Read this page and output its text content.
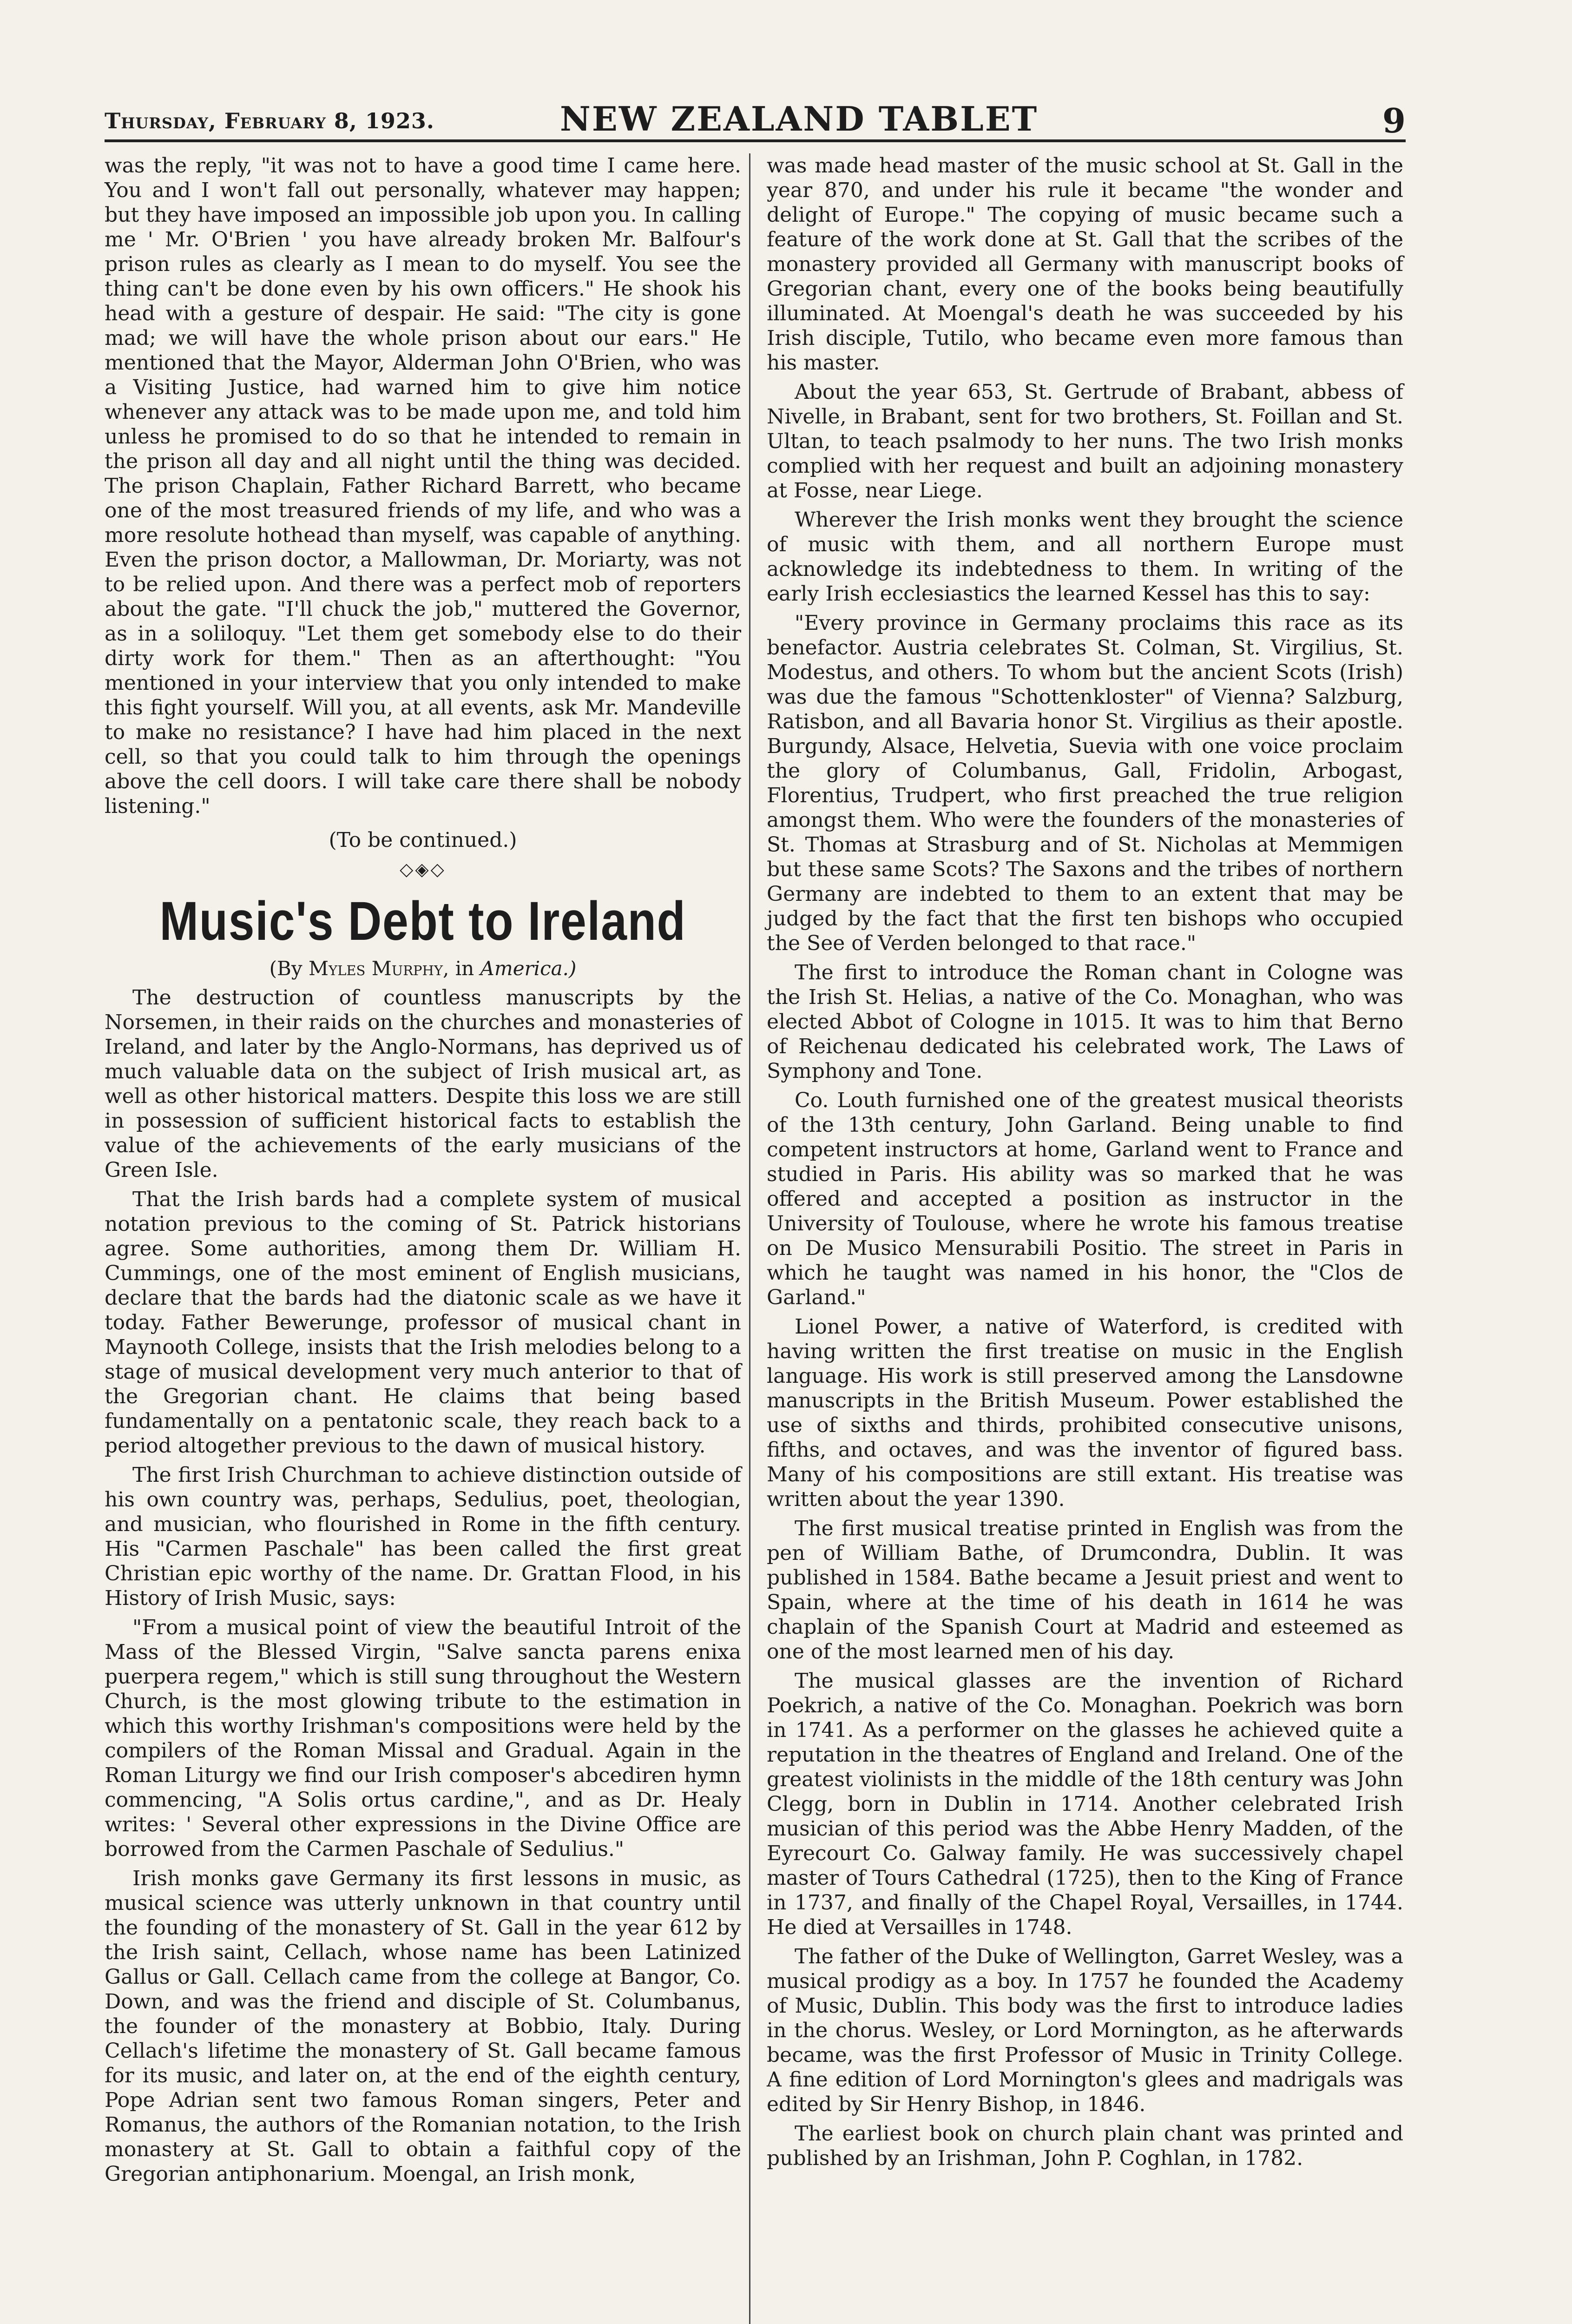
Thursday, February 8, 1923.	NEW ZEALAND TABLET	9

was the reply, "it was not to have a good time I came here. You and I won't fall out personally, whatever may happen; but they have imposed an impossible job upon you. In calling me ' Mr. O'Brien ' you have already broken Mr. Balfour's prison rules as clearly as I mean to do myself. You see the thing can't be done even by his own officers." He shook his head with a gesture of despair. He said: "The city is gone mad; we will have the whole prison about our ears." He mentioned that the Mayor, Alderman John O'Brien, who was a Visiting Justice, had warned him to give him notice whenever any attack was to be made upon me, and told him unless he promised to do so that he intended to remain in the prison all day and all night until the thing was decided. The prison Chaplain, Father Richard Barrett, who became one of the most treasured friends of my life, and who was a more resolute hothead than myself, was capable of anything. Even the prison doctor, a Mallowman, Dr. Moriarty, was not to be relied upon. And there was a perfect mob of reporters about the gate. "I'll chuck the job," muttered the Governor, as in a soliloquy. "Let them get somebody else to do their dirty work for them." Then as an afterthought: "You mentioned in your interview that you only intended to make this fight yourself. Will you, at all events, ask Mr. Mandeville to make no resistance? I have had him placed in the next cell, so that you could talk to him through the openings above the cell doors. I will take care there shall be nobody listening."

(To be continued.)

◇◈◇
Music's Debt to Ireland
(By Myles Murphy, in America.)

The destruction of countless manuscripts by the Norsemen, in their raids on the churches and monasteries of Ireland, and later by the Anglo-Normans, has deprived us of much valuable data on the subject of Irish musical art, as well as other historical matters. Despite this loss we are still in possession of sufficient historical facts to establish the value of the achievements of the early musicians of the Green Isle.

That the Irish bards had a complete system of musical notation previous to the coming of St. Patrick historians agree. Some authorities, among them Dr. William H. Cummings, one of the most eminent of English musicians, declare that the bards had the diatonic scale as we have it today. Father Bewerunge, professor of musical chant in Maynooth College, insists that the Irish melodies belong to a stage of musical development very much anterior to that of the Gregorian chant. He claims that being based fundamentally on a pentatonic scale, they reach back to a period altogether previous to the dawn of musical history.

The first Irish Churchman to achieve distinction outside of his own country was, perhaps, Sedulius, poet, theologian, and musician, who flourished in Rome in the fifth century. His "Carmen Paschale" has been called the first great Christian epic worthy of the name. Dr. Grattan Flood, in his History of Irish Music, says:

"From a musical point of view the beautiful Introit of the Mass of the Blessed Virgin, "Salve sancta parens enixa puerpera regem," which is still sung throughout the Western Church, is the most glowing tribute to the estimation in which this worthy Irishman's compositions were held by the compilers of the Roman Missal and Gradual. Again in the Roman Liturgy we find our Irish composer's abcediren hymn commencing, "A Solis ortus cardine,", and as Dr. Healy writes: ' Several other expressions in the Divine Office are borrowed from the Carmen Paschale of Sedulius."

Irish monks gave Germany its first lessons in music, as musical science was utterly unknown in that country until the founding of the monastery of St. Gall in the year 612 by the Irish saint, Cellach, whose name has been Latinized Gallus or Gall. Cellach came from the college at Bangor, Co. Down, and was the friend and disciple of St. Columbanus, the founder of the monastery at Bobbio, Italy. During Cellach's lifetime the monastery of St. Gall became famous for its music, and later on, at the end of the eighth century, Pope Adrian sent two famous Roman singers, Peter and Romanus, the authors of the Romanian notation, to the Irish monastery at St. Gall to obtain a faithful copy of the Gregorian antiphonarium. Moengal, an Irish monk,

was made head master of the music school at St. Gall in the year 870, and under his rule it became "the wonder and delight of Europe." The copying of music became such a feature of the work done at St. Gall that the scribes of the monastery provided all Germany with manuscript books of Gregorian chant, every one of the books being beautifully illuminated. At Moengal's death he was succeeded by his Irish disciple, Tutilo, who became even more famous than his master.

About the year 653, St. Gertrude of Brabant, abbess of Nivelle, in Brabant, sent for two brothers, St. Foillan and St. Ultan, to teach psalmody to her nuns. The two Irish monks complied with her request and built an adjoining monastery at Fosse, near Liege.

Wherever the Irish monks went they brought the science of music with them, and all northern Europe must acknowledge its indebtedness to them. In writing of the early Irish ecclesiastics the learned Kessel has this to say:

"Every province in Germany proclaims this race as its benefactor. Austria celebrates St. Colman, St. Virgilius, St. Modestus, and others. To whom but the ancient Scots (Irish) was due the famous "Schottenkloster" of Vienna? Salzburg, Ratisbon, and all Bavaria honor St. Virgilius as their apostle. Burgundy, Alsace, Helvetia, Suevia with one voice proclaim the glory of Columbanus, Gall, Fridolin, Arbogast, Florentius, Trudpert, who first preached the true religion amongst them. Who were the founders of the monasteries of St. Thomas at Strasburg and of St. Nicholas at Memmigen but these same Scots? The Saxons and the tribes of northern Germany are indebted to them to an extent that may be judged by the fact that the first ten bishops who occupied the See of Verden belonged to that race."

The first to introduce the Roman chant in Cologne was the Irish St. Helias, a native of the Co. Monaghan, who was elected Abbot of Cologne in 1015. It was to him that Berno of Reichenau dedicated his celebrated work, The Laws of Symphony and Tone.

Co. Louth furnished one of the greatest musical theorists of the 13th century, John Garland. Being unable to find competent instructors at home, Garland went to France and studied in Paris. His ability was so marked that he was offered and accepted a position as instructor in the University of Toulouse, where he wrote his famous treatise on De Musico Mensurabili Positio. The street in Paris in which he taught was named in his honor, the "Clos de Garland."

Lionel Power, a native of Waterford, is credited with having written the first treatise on music in the English language. His work is still preserved among the Lansdowne manuscripts in the British Museum. Power established the use of sixths and thirds, prohibited consecutive unisons, fifths, and octaves, and was the inventor of figured bass. Many of his compositions are still extant. His treatise was written about the year 1390.

The first musical treatise printed in English was from the pen of William Bathe, of Drumcondra, Dublin. It was published in 1584. Bathe became a Jesuit priest and went to Spain, where at the time of his death in 1614 he was chaplain of the Spanish Court at Madrid and esteemed as one of the most learned men of his day.

The musical glasses are the invention of Richard Poekrich, a native of the Co. Monaghan. Poekrich was born in 1741. As a performer on the glasses he achieved quite a reputation in the theatres of England and Ireland. One of the greatest violinists in the middle of the 18th century was John Clegg, born in Dublin in 1714. Another celebrated Irish musician of this period was the Abbe Henry Madden, of the Eyrecourt Co. Galway family. He was successively chapel master of Tours Cathedral (1725), then to the King of France in 1737, and finally of the Chapel Royal, Versailles, in 1744. He died at Versailles in 1748.

The father of the Duke of Wellington, Garret Wesley, was a musical prodigy as a boy. In 1757 he founded the Academy of Music, Dublin. This body was the first to introduce ladies in the chorus. Wesley, or Lord Mornington, as he afterwards became, was the first Professor of Music in Trinity College. A fine edition of Lord Mornington's glees and madrigals was edited by Sir Henry Bishop, in 1846.

The earliest book on church plain chant was printed and published by an Irishman, John P. Coghlan, in 1782.
